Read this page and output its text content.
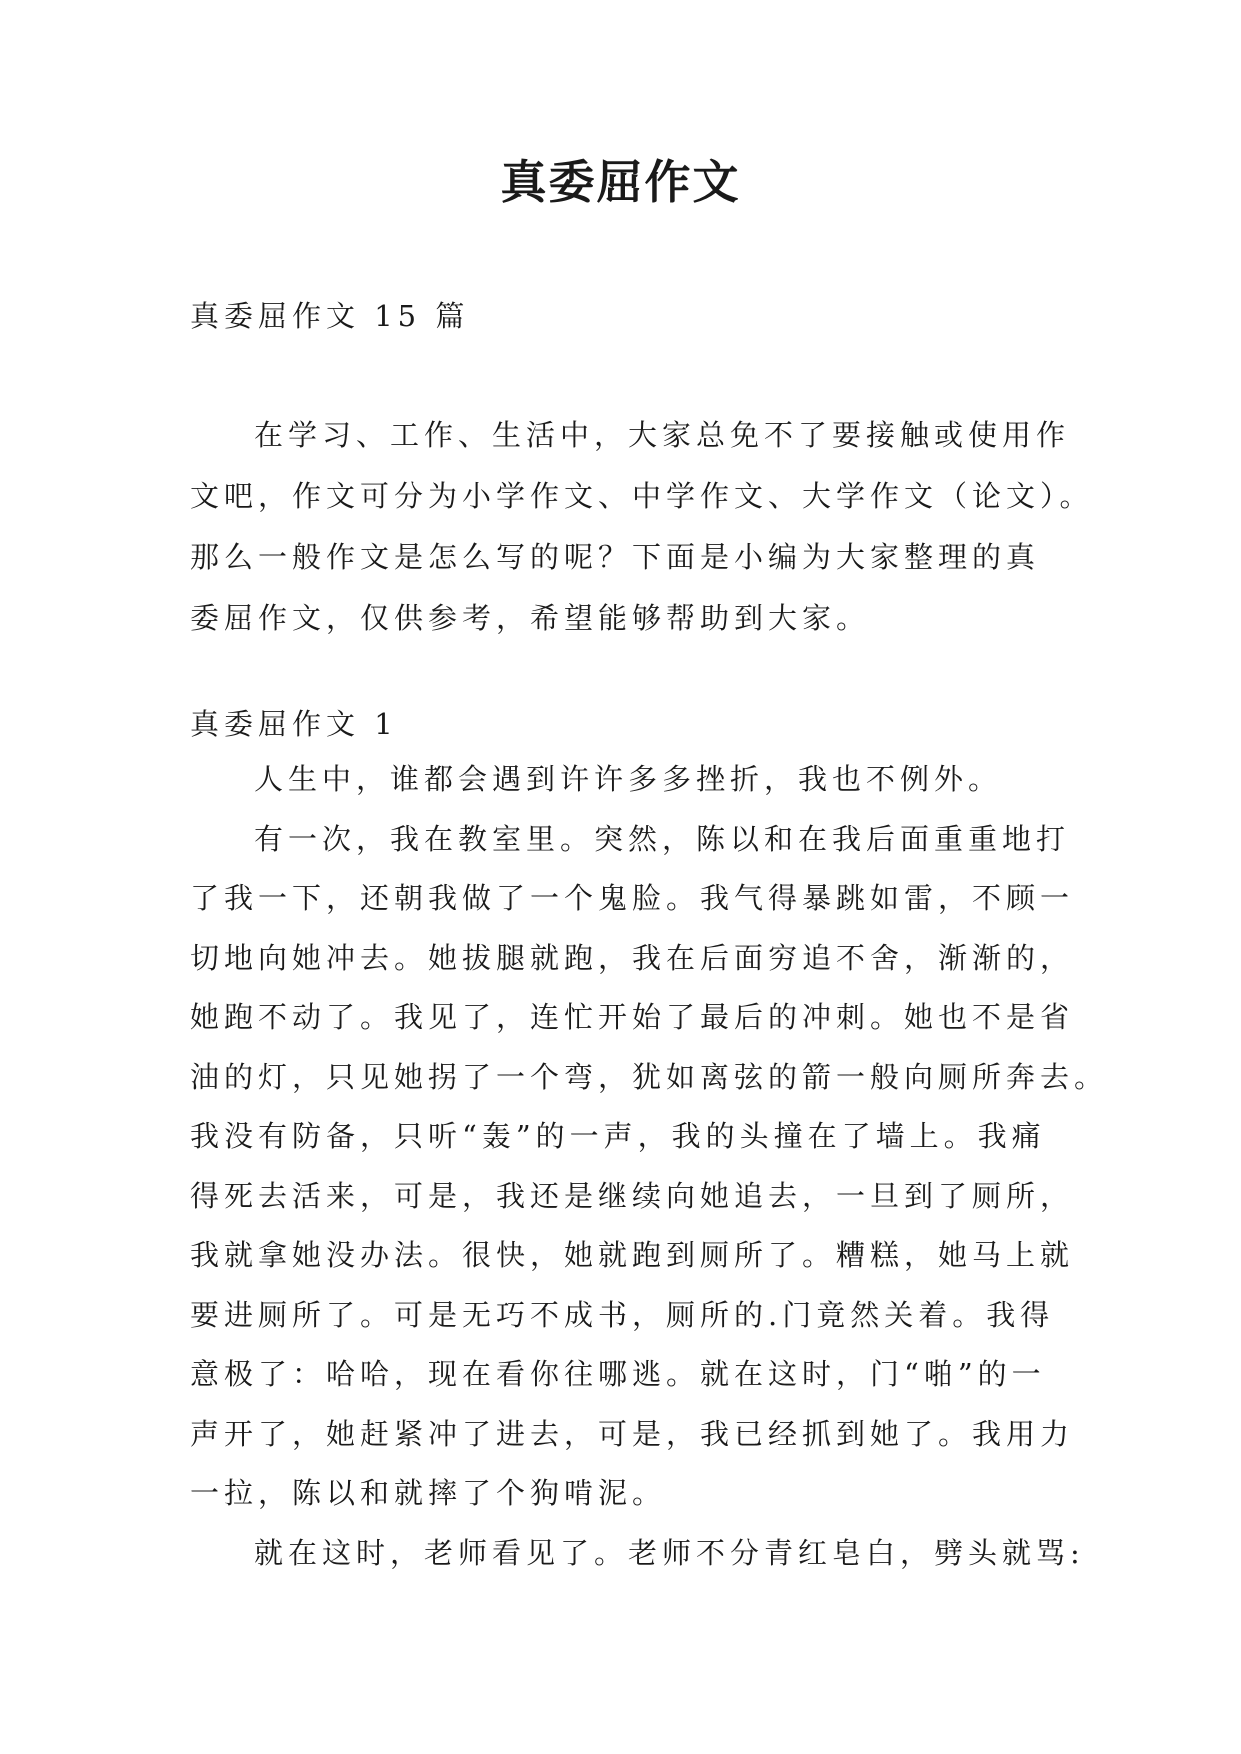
真委屈作文
真委屈作文 15 篇
在学习、工作、生活中，大家总免不了要接触或使用作
文吧，作文可分为小学作文、中学作文、大学作文（论文）。
那么一般作文是怎么写的呢？下面是小编为大家整理的真
委屈作文，仅供参考，希望能够帮助到大家。
真委屈作文 1
人生中，谁都会遇到许许多多挫折，我也不例外。
有一次，我在教室里。突然，陈以和在我后面重重地打
了我一下，还朝我做了一个鬼脸。我气得暴跳如雷，不顾一
切地向她冲去。她拔腿就跑，我在后面穷追不舍，渐渐的，
她跑不动了。我见了，连忙开始了最后的冲刺。她也不是省
油的灯，只见她拐了一个弯，犹如离弦的箭一般向厕所奔去。
我没有防备，只听“轰”的一声，我的头撞在了墙上。我痛
得死去活来，可是，我还是继续向她追去，一旦到了厕所，
我就拿她没办法。很快，她就跑到厕所了。糟糕，她马上就
要进厕所了。可是无巧不成书，厕所的.门竟然关着。我得
意极了：哈哈，现在看你往哪逃。就在这时，门“啪”的一
声开了，她赶紧冲了进去，可是，我已经抓到她了。我用力
一拉，陈以和就摔了个狗啃泥。
就在这时，老师看见了。老师不分青红皂白，劈头就骂:
